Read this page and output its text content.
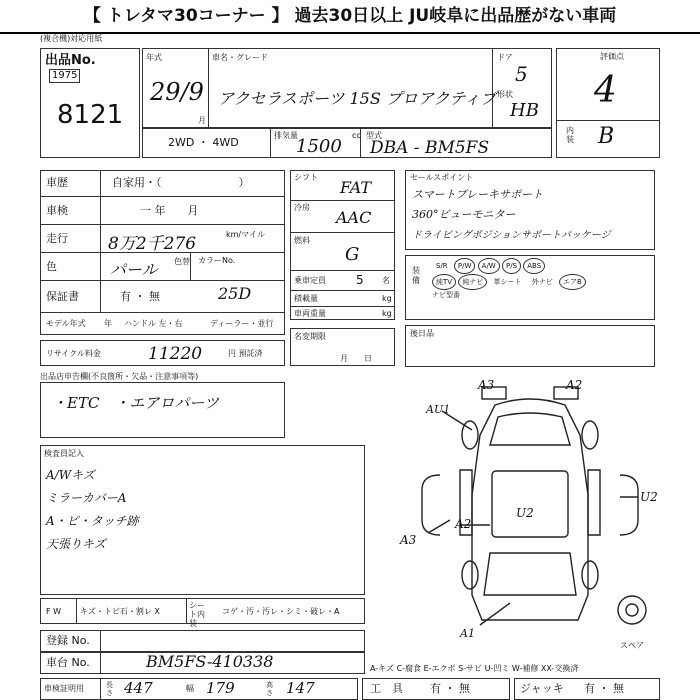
【 トレタマ30コーナー 】 過去30日以上 JU岐阜に出品歴がない車両
(複合機)対応用紙
出品No.
1975
8121
年式
29/9
月
車名・グレード
アクセラスポーツ 15S プロアクティブ
ドア
5
形状
HB
2WD ・ 4WD
排気量
1500
cc 型式
DBA - BM5FS
評価点
4
内装 B
車歴	自家用・（　　　　　　　）
車検	一 年　　月
走行 8万2千276	km/マイル
色	パール 色替 カラーNo.
25D
保証書	有 ・ 無
モデル年式 年 ハンドル 左・右	ディーラー・並行
シフト
FAT
冷房
AAC
燃料
G
乗車定員	5 名
積載量	kg
車両重量	kg
名変期限
月　　日
セールスポイント
スマートブレーキサポート
360°ビューモニター
ドライビングポジションサポートパッケージ
装備
S/R P/W A/W P/S ABS
純TV 純ナビ 革シート 外ナビ エアB
ナビ型番
後日品
リサイクル料金	11220	円 預託済
出品店申告欄(不良箇所・欠品・注意事項等)
・ETC　・エアロパーツ
検査員記入
A/Wキズ
ミラーカバーA
A・ピ・タッチ跡
天張りキズ
A3	A2
AU1
U2
U2
A2
A3
A1
スペア
F W キズ・トビ石・割レ X
シート内装
コゲ・汚・汚レ・シミ・破レ・A
登録 No.
車台 No.	BM5FS-410338	A-キズ C-腐食 E-エクボ S-サビ U-凹ミ W-補修 XX-交換済
車検証明用	長さ 447	幅 179	高さ 147	工　具 有 ・ 無	ジャッキ 有 ・ 無
